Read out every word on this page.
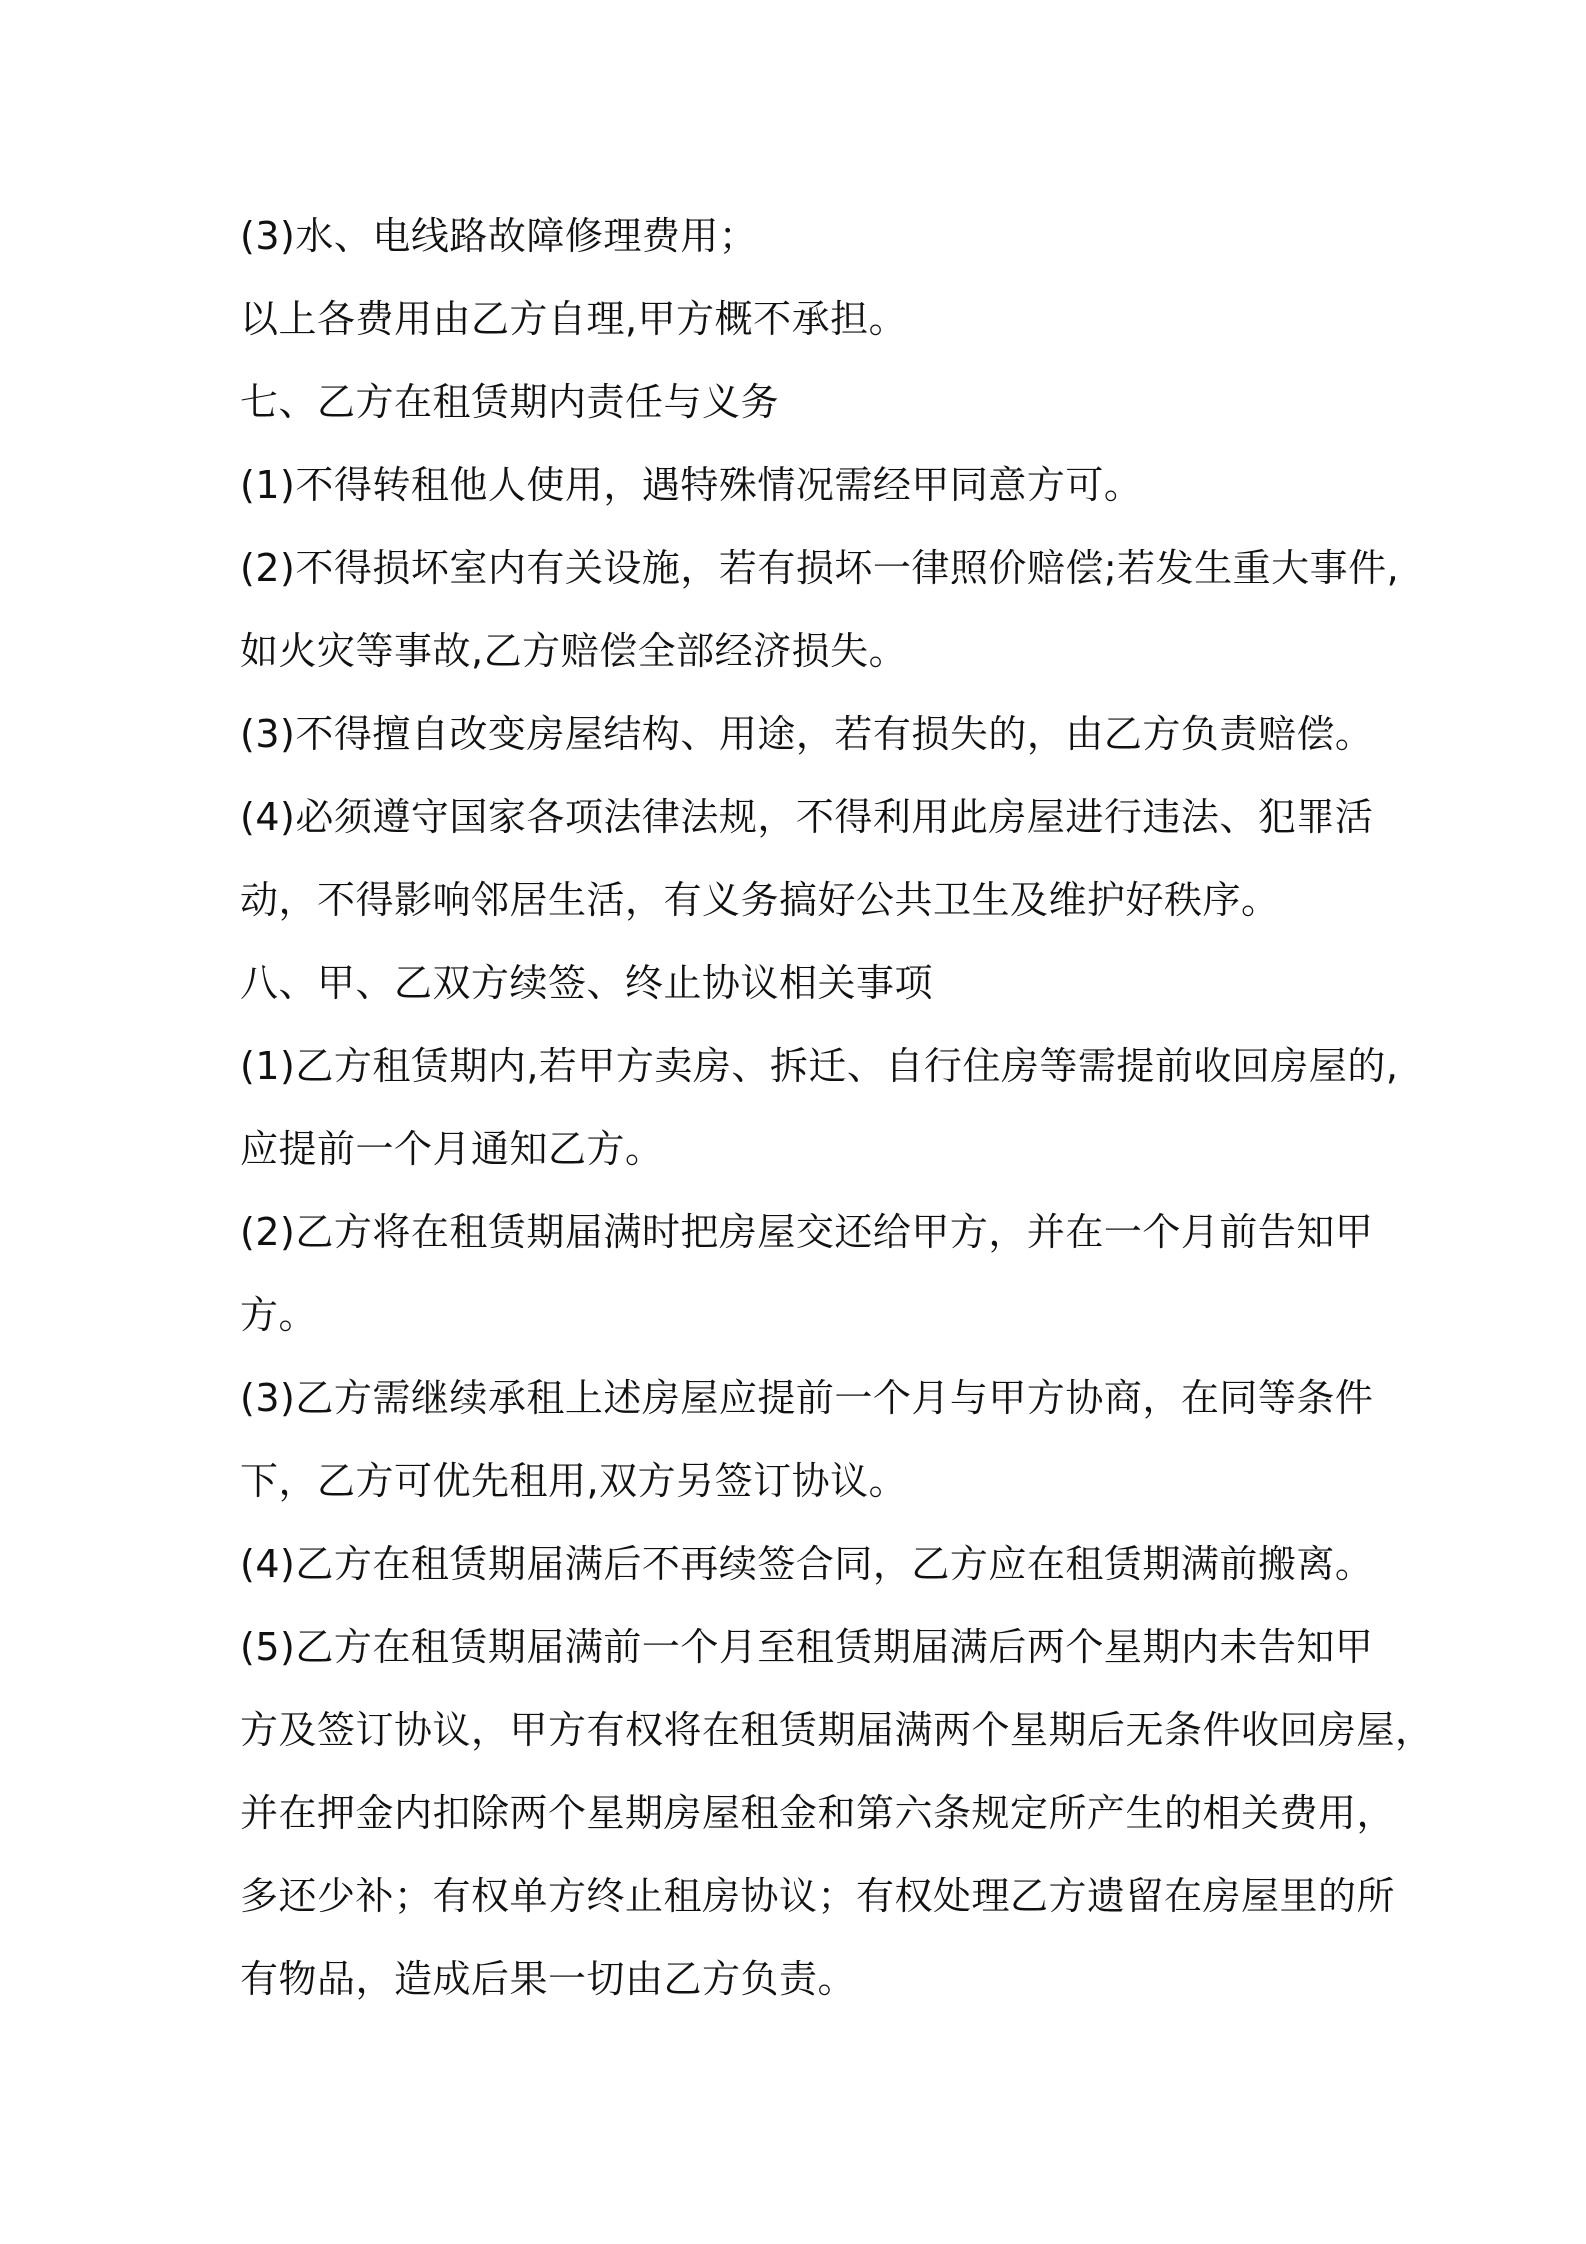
(3)水、电线路故障修理费用；
以上各费用由乙方自理,甲方概不承担。
七、乙方在租赁期内责任与义务
(1)不得转租他人使用，遇特殊情况需经甲同意方可。
(2)不得损坏室内有关设施，若有损坏一律照价赔偿;若发生重大事件,
如火灾等事故,乙方赔偿全部经济损失。
(3)不得擅自改变房屋结构、用途，若有损失的，由乙方负责赔偿。
(4)必须遵守国家各项法律法规，不得利用此房屋进行违法、犯罪活
动，不得影响邻居生活，有义务搞好公共卫生及维护好秩序。
八、甲、乙双方续签、终止协议相关事项
(1)乙方租赁期内,若甲方卖房、拆迁、自行住房等需提前收回房屋的,
应提前一个月通知乙方。
(2)乙方将在租赁期届满时把房屋交还给甲方，并在一个月前告知甲
方。
(3)乙方需继续承租上述房屋应提前一个月与甲方协商，在同等条件
下，乙方可优先租用,双方另签订协议。
(4)乙方在租赁期届满后不再续签合同，乙方应在租赁期满前搬离。
(5)乙方在租赁期届满前一个月至租赁期届满后两个星期内未告知甲
方及签订协议，甲方有权将在租赁期届满两个星期后无条件收回房屋，
并在押金内扣除两个星期房屋租金和第六条规定所产生的相关费用，
多还少补；有权单方终止租房协议；有权处理乙方遗留在房屋里的所
有物品，造成后果一切由乙方负责。
